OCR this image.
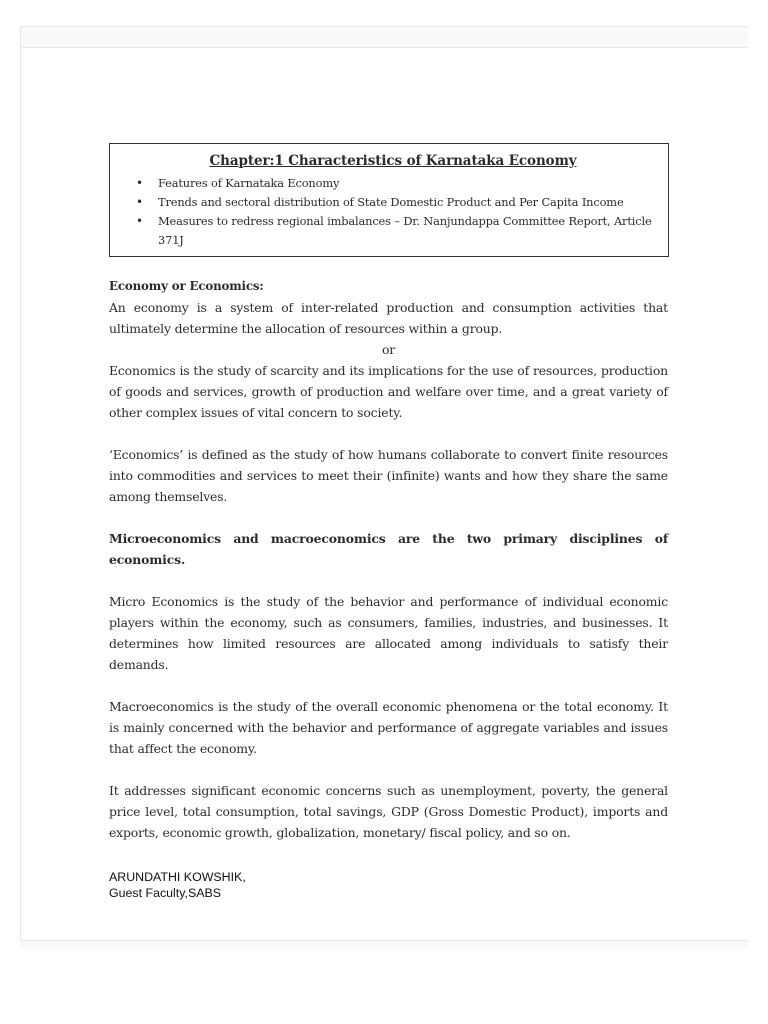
Chapter:1 Characteristics of Karnataka Economy
• Features of Karnataka Economy
• Trends and sectoral distribution of State Domestic Product and Per Capita Income
• Measures to redress regional imbalances – Dr. Nanjundappa Committee Report, Article 371J

Economy or Economics:

An economy is a system of inter-related production and consumption activities that ultimately determine the allocation of resources within a group.

or

Economics is the study of scarcity and its implications for the use of resources, production of goods and services, growth of production and welfare over time, and a great variety of other complex issues of vital concern to society.

‘Economics’ is defined as the study of how humans collaborate to convert finite resources into commodities and services to meet their (infinite) wants and how they share the same among themselves.

Microeconomics and macroeconomics are the two primary disciplines of economics.

Micro Economics is the study of the behavior and performance of individual economic players within the economy, such as consumers, families, industries, and businesses. It determines how limited resources are allocated among individuals to satisfy their demands.

Macroeconomics is the study of the overall economic phenomena or the total economy. It is mainly concerned with the behavior and performance of aggregate variables and issues that affect the economy.

It addresses significant economic concerns such as unemployment, poverty, the general price level, total consumption, total savings, GDP (Gross Domestic Product), imports and exports, economic growth, globalization, monetary/ fiscal policy, and so on.

ARUNDATHI KOWSHIK,
Guest Faculty,SABS
